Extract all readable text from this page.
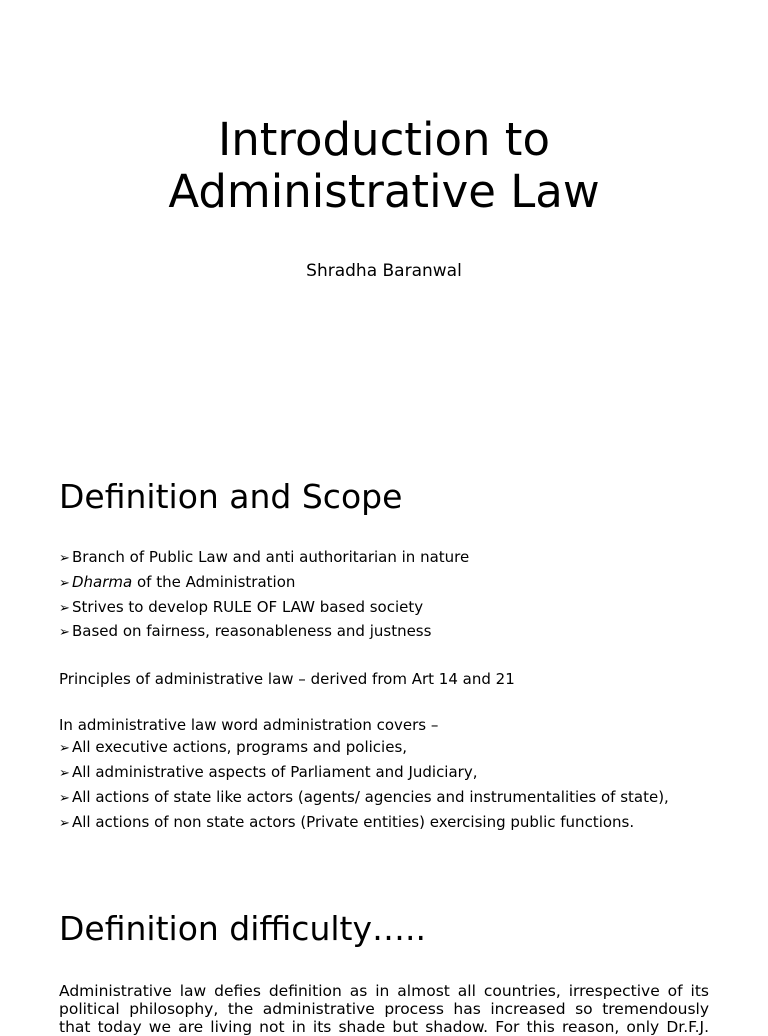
Introduction to
Administrative Law
Shradha Baranwal
Definition and Scope
➢ Branch of Public Law and anti authoritarian in nature
➢ Dharma of the Administration
➢ Strives to develop RULE OF LAW based society
➢ Based on fairness, reasonableness and justness

Principles of administrative law – derived from Art 14 and 21

In administrative law word administration covers –

➢ All executive actions, programs and policies,
➢ All administrative aspects of Parliament and Judiciary,
➢ All actions of state like actors (agents/ agencies and instrumentalities of state),
➢ All actions of non state actors (Private entities) exercising public functions.
Definition difficulty…..

Administrative law defies definition as in almost all countries, irrespective of its
political philosophy, the administrative process has increased so tremendously
that today we are living not in its shade but shadow. For this reason, only Dr.F.J.
